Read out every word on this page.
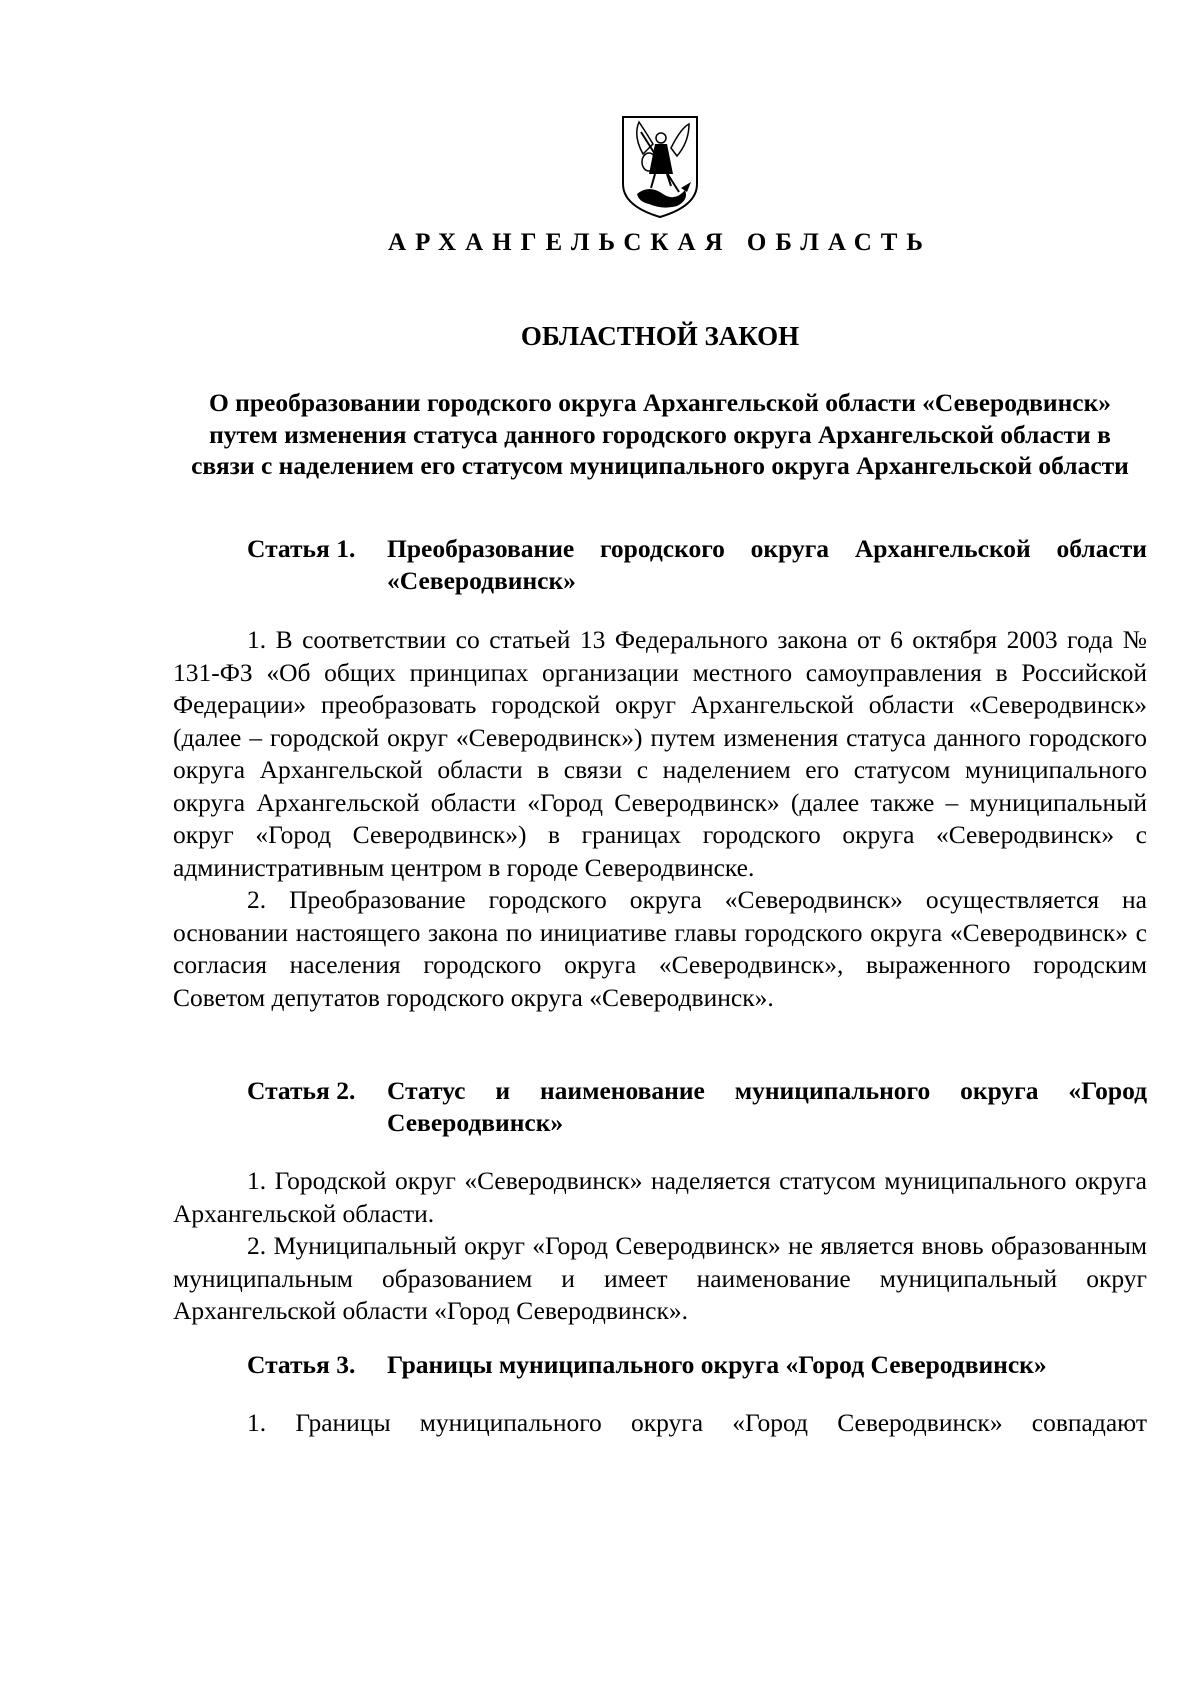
АРХАНГЕЛЬСКАЯ ОБЛАСТЬ
ОБЛАСТНОЙ ЗАКОН

О преобразовании городского округа Архангельской области «Северодвинск» путем изменения статуса данного городского округа Архангельской области в связи с наделением его статусом муниципального округа Архангельской области

Статья 1. Преобразование городского округа Архангельской области «Северодвинск»

1. В соответствии со статьей 13 Федерального закона от 6 октября 2003 года № 131-ФЗ «Об общих принципах организации местного самоуправления в Российской Федерации» преобразовать городской округ Архангельской области «Северодвинск» (далее – городской округ «Северодвинск») путем изменения статуса данного городского округа Архангельской области в связи с наделением его статусом муниципального округа Архангельской области «Город Северодвинск» (далее также – муниципальный округ «Город Северодвинск») в границах городского округа «Северодвинск» с административным центром в городе Северодвинске.

2. Преобразование городского округа «Северодвинск» осуществляется на основании настоящего закона по инициативе главы городского округа «Северодвинск» с согласия населения городского округа «Северодвинск», выраженного городским Советом депутатов городского округа «Северодвинск».

Статья 2. Статус и наименование муниципального округа «Город Северодвинск»

1. Городской округ «Северодвинск» наделяется статусом муниципального округа Архангельской области.

2. Муниципальный округ «Город Северодвинск» не является вновь образованным муниципальным образованием и имеет наименование муниципальный округ Архангельской области «Город Северодвинск».

Статья 3. Границы муниципального округа «Город Северодвинск»

1. Границы муниципального округа «Город Северодвинск» совпадают
